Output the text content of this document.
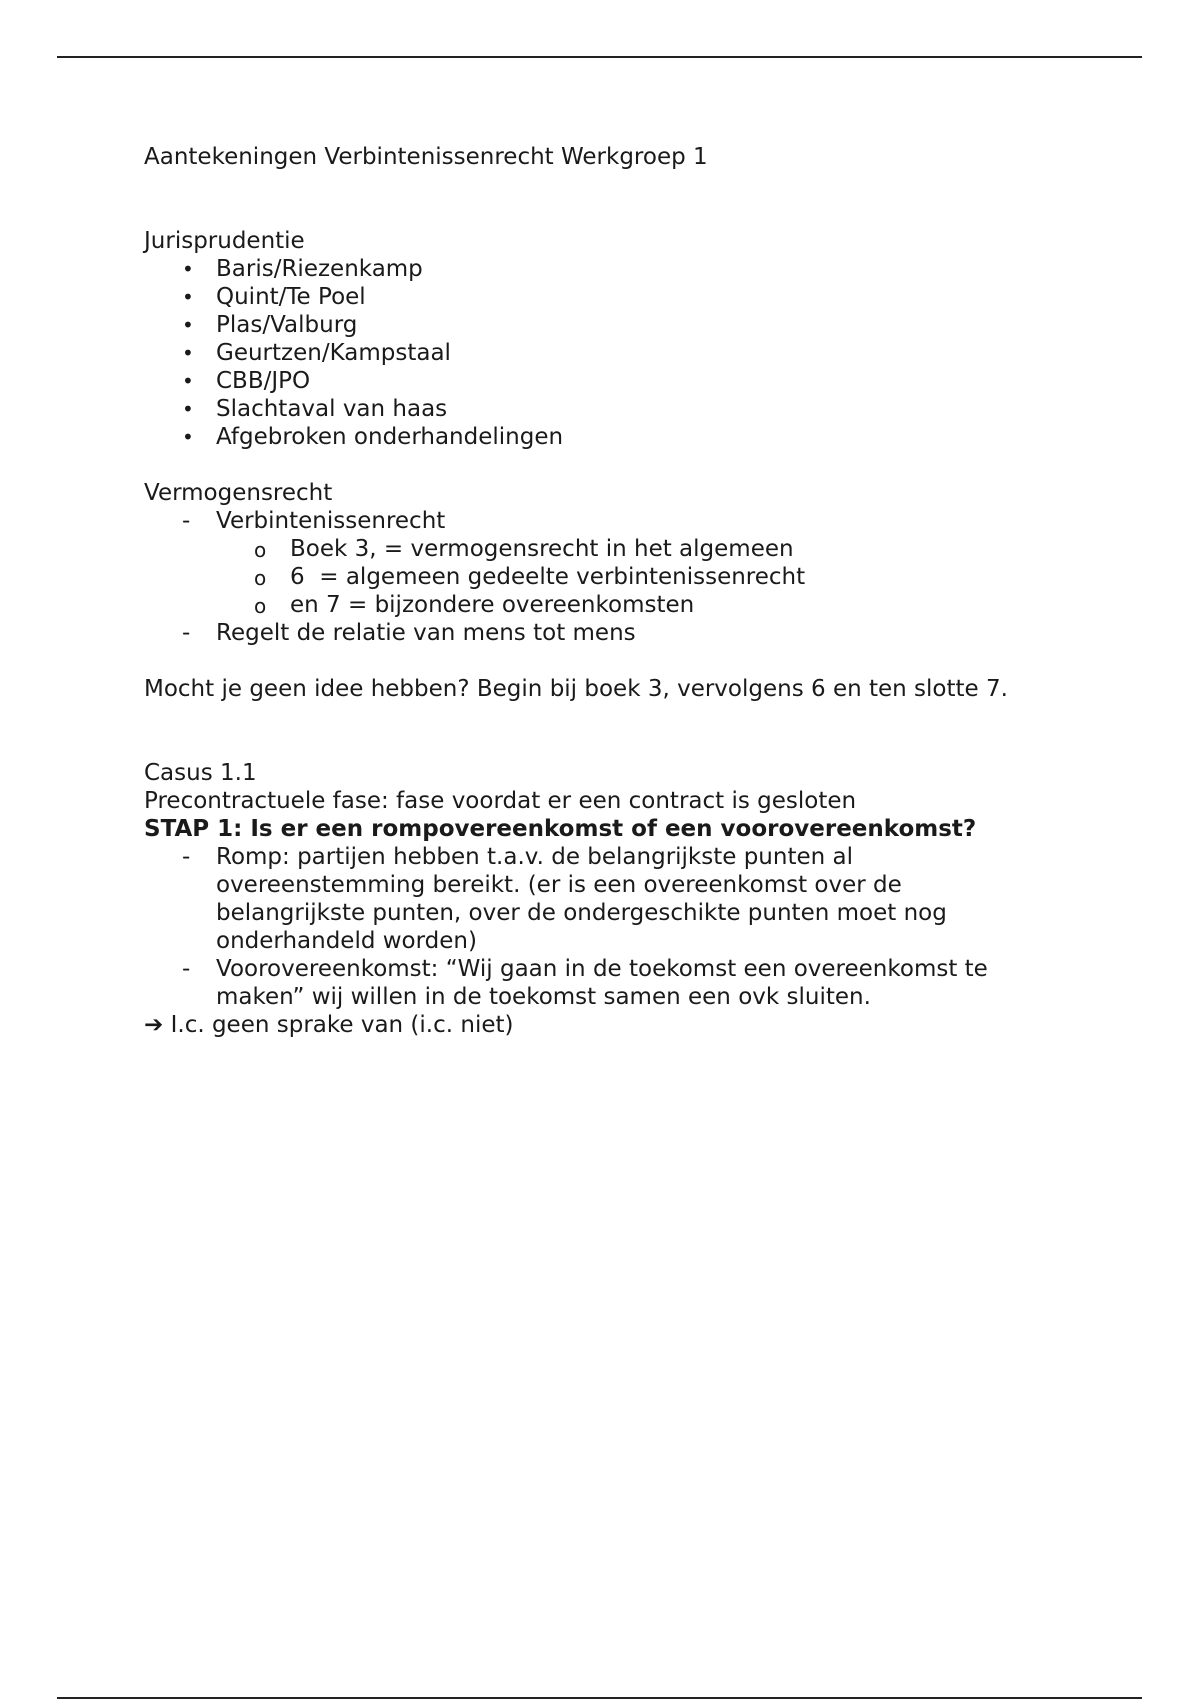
Aantekeningen Verbintenissenrecht Werkgroep 1

Jurisprudentie

• Baris/Riezenkamp
• Quint/Te Poel
• Plas/Valburg
• Geurtzen/Kampstaal
• CBB/JPO
• Slachtaval van haas
• Afgebroken onderhandelingen

Vermogensrecht

- Verbintenissenrecht
o Boek 3, = vermogensrecht in het algemeen
o 6  = algemeen gedeelte verbintenissenrecht
o en 7 = bijzondere overeenkomsten
- Regelt de relatie van mens tot mens

Mocht je geen idee hebben? Begin bij boek 3, vervolgens 6 en ten slotte 7.

Casus 1.1

Precontractuele fase: fase voordat er een contract is gesloten

STAP 1: Is er een rompovereenkomst of een voorovereenkomst?

- Romp: partijen hebben t.a.v. de belangrijkste punten al
overeenstemming bereikt. (er is een overeenkomst over de
belangrijkste punten, over de ondergeschikte punten moet nog
onderhandeld worden)
- Voorovereenkomst: “Wij gaan in de toekomst een overeenkomst te
maken” wij willen in de toekomst samen een ovk sluiten.

➔ I.c. geen sprake van (i.c. niet)
